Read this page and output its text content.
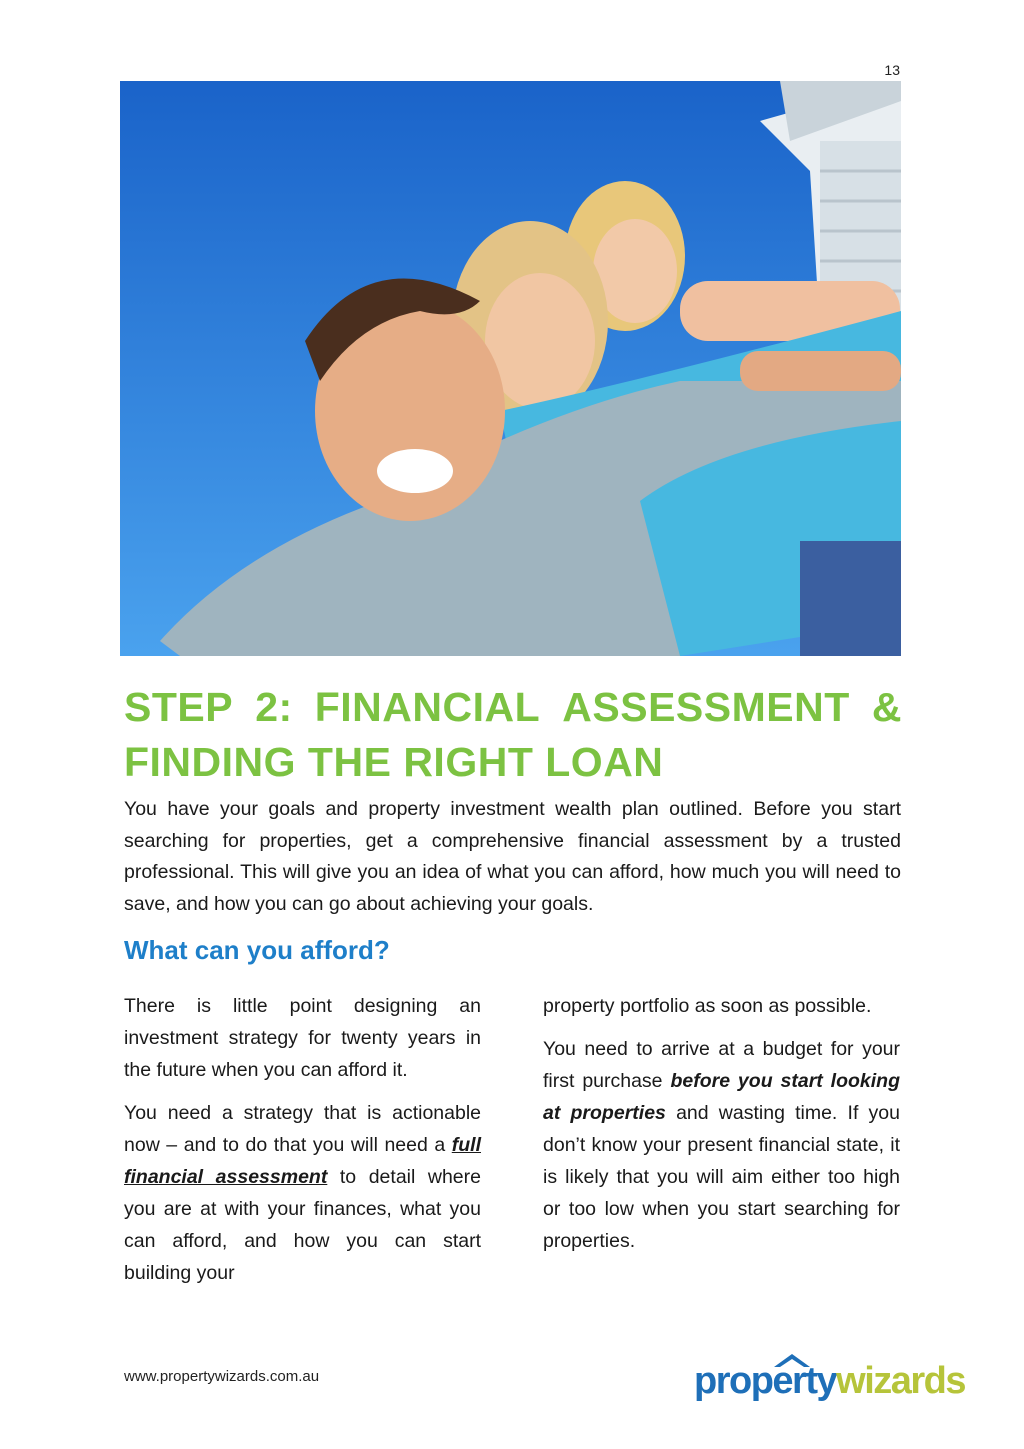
13
STEP 2: FINANCIAL ASSESSMENT &
FINDING THE RIGHT LOAN
You have your goals and property investment wealth plan outlined. Before you start searching for properties, get a comprehensive financial assessment by a trusted professional. This will give you an idea of what you can afford, how much you will need to save, and how you can go about achieving your goals.
What can you afford?

There is little point designing an investment strategy for twenty years in the future when you can afford it.

You need a strategy that is actionable now – and to do that you will need a full financial assessment to detail where you are at with your finances, what you can afford, and how you can start building your

property portfolio as soon as possible.

You need to arrive at a budget for your first purchase before you start looking at properties and wasting time. If you don’t know your present financial state, it is likely that you will aim either too high or too low when you start searching for properties.

www.propertywizards.com.au	propertywizards
